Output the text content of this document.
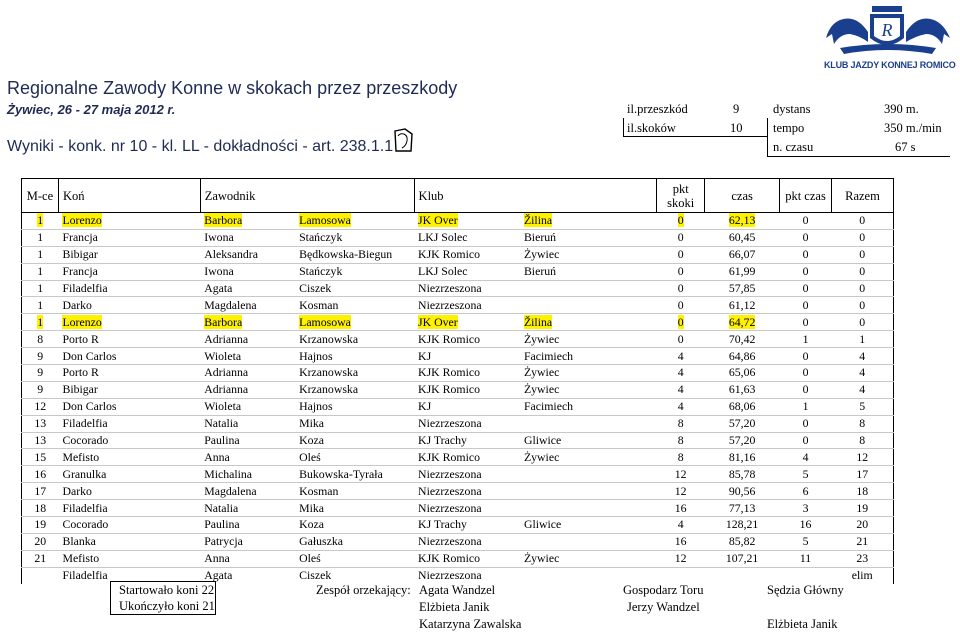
Regionalne Zawody Konne w skokach przez przeszkody
Żywiec, 26 - 27 maja 2012 r.
Wyniki - konk. nr 10 - kl. LL - dokładności - art. 238.1.1
R
KLUB JAZDY KONNEJ ROMICO
il.przeszkód	9	dystans	390 m.
il.skoków	10 tempo	350 m./min
n. czasu	67 s
M-ce	Koń	Zawodnik		Klub		pkt skoki	czas	pkt czas	Razem
1	Lorenzo	Barbora	Lamosowa	JK Over	Žilina	0	62,13	0	0
1	Francja	Iwona	Stańczyk	LKJ Solec	Bieruń	0	60,45	0	0
1	Bibigar	Aleksandra	Będkowska-Biegun	KJK Romico	Żywiec	0	66,07	0	0
1	Francja	Iwona	Stańczyk	LKJ Solec	Bieruń	0	61,99	0	0
1	Filadelfia	Agata	Ciszek	Niezrzeszona		0	57,85	0	0
1	Darko	Magdalena	Kosman	Niezrzeszona		0	61,12	0	0
1	Lorenzo	Barbora	Lamosowa	JK Over	Žilina	0	64,72	0	0
8	Porto R	Adrianna	Krzanowska	KJK Romico	Żywiec	0	70,42	1	1
9	Don Carlos	Wioleta	Hajnos	KJ	Facimiech	4	64,86	0	4
9	Porto R	Adrianna	Krzanowska	KJK Romico	Żywiec	4	65,06	0	4
9	Bibigar	Adrianna	Krzanowska	KJK Romico	Żywiec	4	61,63	0	4
12	Don Carlos	Wioleta	Hajnos	KJ	Facimiech	4	68,06	1	5
13	Filadelfia	Natalia	Mika	Niezrzeszona		8	57,20	0	8
13	Cocorado	Paulina	Koza	KJ Trachy	Gliwice	8	57,20	0	8
15	Mefisto	Anna	Oleś	KJK Romico	Żywiec	8	81,16	4	12
16	Granulka	Michalina	Bukowska-Tyrała	Niezrzeszona		12	85,78	5	17
17	Darko	Magdalena	Kosman	Niezrzeszona		12	90,56	6	18
18	Filadelfia	Natalia	Mika	Niezrzeszona		16	77,13	3	19
19	Cocorado	Paulina	Koza	KJ Trachy	Gliwice	4	128,21	16	20
20	Blanka	Patrycja	Gałuszka	Niezrzeszona		16	85,82	5	21
21	Mefisto	Anna	Oleś	KJK Romico	Żywiec	12	107,21	11	23
	Filadelfia	Agata	Ciszek	Niezrzeszona					elim
Startowało koni 22
Ukończyło koni 21
Zespół orzekający: Agata Wandzel
Elżbieta Janik
Katarzyna Zawalska
Gospodarz Toru
Jerzy Wandzel
Sędzia Główny
Elżbieta Janik
